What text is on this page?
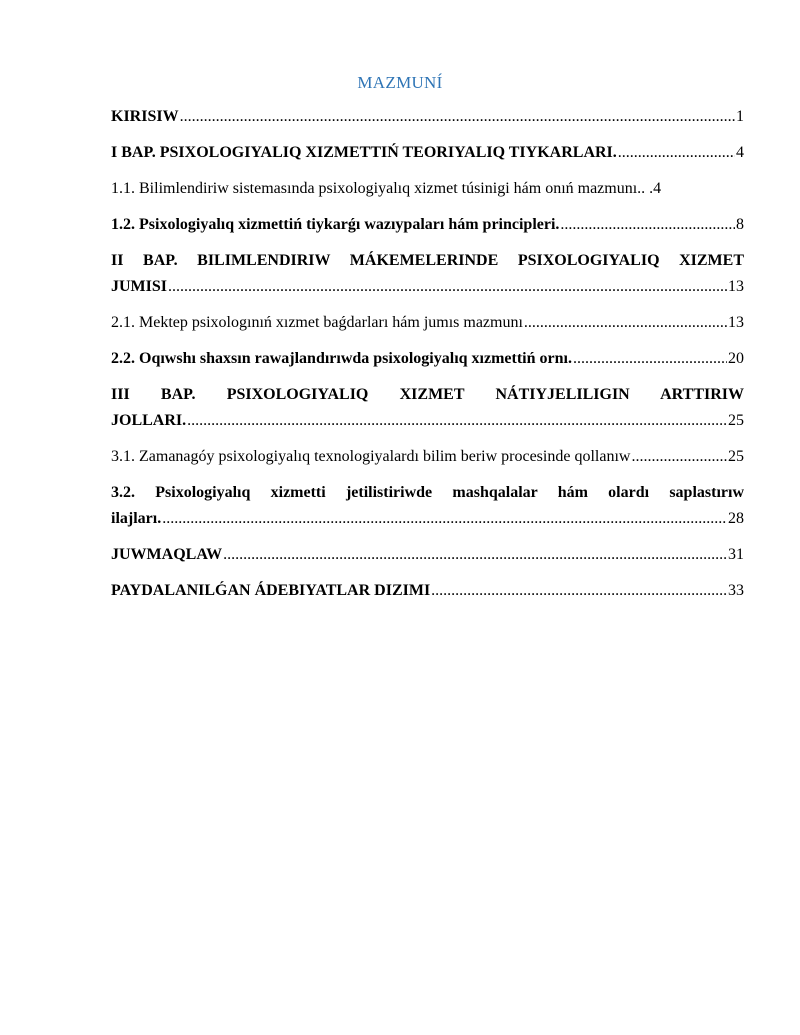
MAZMUNÍ
KIRISIW .....	1
I BAP. PSIXOLOGIYALIQ XIZMETTIŃ TEORIYALIQ TIYKARLARI. .....	4
1.1. Bilimlendiriw sistemasında psixologiyalıq xizmet túsinigi hám onıń mazmunı.. .4
1.2. Psixologiyalıq xizmettiń tiykarǵı wazıypaları hám principleri. .....	8
II BAP. BILIMLENDIRIW MÁKEMELERINDE PSIXOLOGIYALIQ XIZMET
JUMISI .....	13
2.1. Mektep psixologınıń xızmet baǵdarları hám jumıs mazmunı .....	13
2.2. Oqıwshı shaxsın rawajlandırıwda psixologiyalıq xızmettiń ornı. .....	20
III BAP. PSIXOLOGIYALIQ XIZMET NÁTIYJELILIGIN ARTTIRIW
JOLLARI. .....	25
3.1. Zamanagóy psixologiyalıq texnologiyalardı bilim beriw procesinde qollanıw .....	25
3.2. Psixologiyalıq xizmetti jetilistiriwde mashqalalar hám olardı saplastırıw
ilajları. .....	28
JUWMAQLAW .....	31
PAYDALANILǴAN ÁDEBIYATLAR DIZIMI .....	33
